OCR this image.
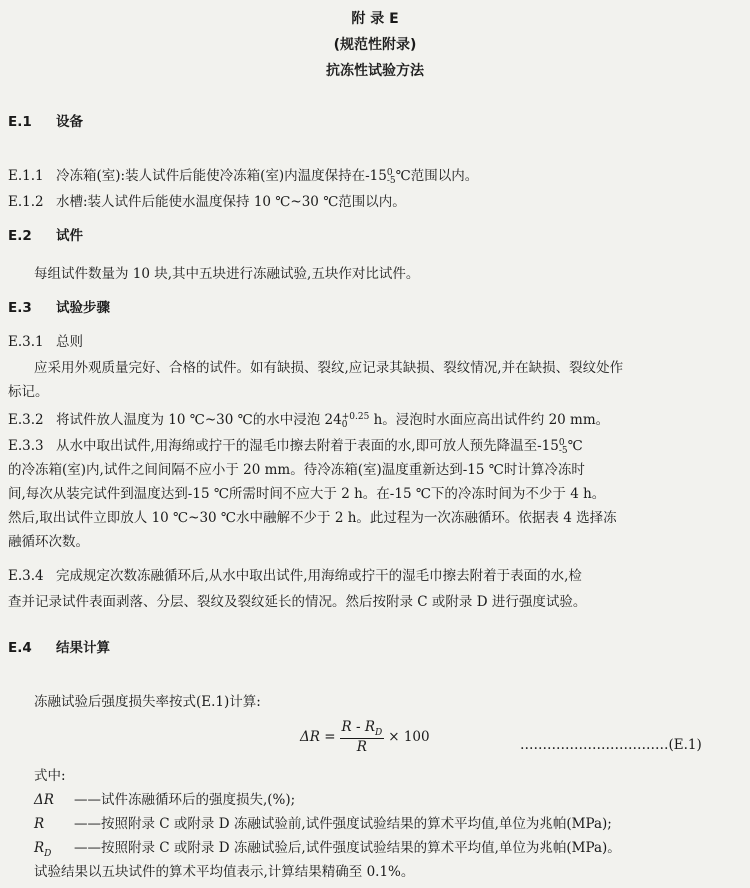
附 录 E
(规范性附录)
抗冻性试验方法
E.1 设备
E.1.1 冷冻箱(室):装人试件后能使冷冻箱(室)内温度保持在-15 0
-5 ℃范围以内。
E.1.2 水槽:装人试件后能使水温度保持 10 ℃~30 ℃范围以内。
E.2 试件
每组试件数量为 10 块,其中五块进行冻融试验,五块作对比试件。
E.3 试验步骤
E.3.1 总则
应采用外观质量完好、合格的试件。如有缺损、裂纹,应记录其缺损、裂纹情况,并在缺损、裂纹处作
标记。
E.3.2 将试件放人温度为 10 ℃~30 ℃的水中浸泡 24 +0.25
0	h。浸泡时水面应高出试件约 20 mm。
E.3.3 从水中取出试件,用海绵或拧干的湿毛巾擦去附着于表面的水,即可放人预先降温至-15 0
-5 ℃
的冷冻箱(室)内,试件之间间隔不应小于 20 mm。待冷冻箱(室)温度重新达到-15 ℃时计算冷冻时
间,每次从装完试件到温度达到-15 ℃所需时间不应大于 2 h。在-15 ℃下的冷冻时间为不少于 4 h。
然后,取出试件立即放人 10 ℃~30 ℃水中融解不少于 2 h。此过程为一次冻融循环。依据表 4 选择冻
融循环次数。
E.3.4 完成规定次数冻融循环后,从水中取出试件,用海绵或拧干的湿毛巾擦去附着于表面的水,检
查并记录试件表面剥落、分层、裂纹及裂纹延长的情况。然后按附录 C 或附录 D 进行强度试验。
E.4 结果计算
冻融试验后强度损失率按式(E.1)计算:
$\Delta R = \frac{R - R_D}{R} \times 100$	……………………………(E.1)
式中:
ΔR ——试件冻融循环后的强度损失,(%);
R ——按照附录 C 或附录 D 冻融试验前,试件强度试验结果的算术平均值,单位为兆帕(MPa);
$R_D$ ——按照附录 C 或附录 D 冻融试验后,试件强度试验结果的算术平均值,单位为兆帕(MPa)。
试验结果以五块试件的算术平均值表示,计算结果精确至 0.1%。
